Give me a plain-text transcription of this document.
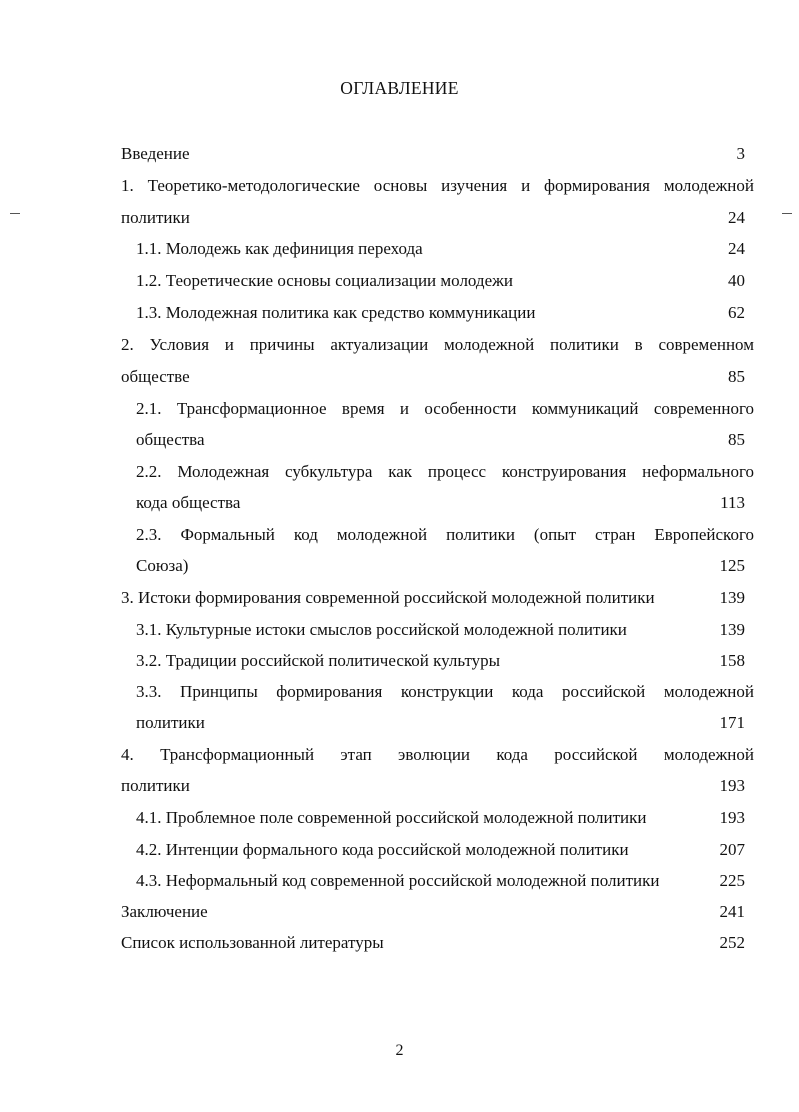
ОГЛАВЛЕНИЕ
Введение	3
1. Теоретико-методологические основы изучения и формирования молодежной
политики	24
1.1. Молодежь как дефиниция перехода	24
1.2. Теоретические основы социализации молодежи	40
1.3. Молодежная политика как средство коммуникации	62
2. Условия и причины актуализации молодежной политики в современном
обществе	85
2.1. Трансформационное время и особенности коммуникаций современного
общества	85
2.2. Молодежная субкультура как процесс конструирования неформального
кода общества	113
2.3. Формальный код молодежной политики (опыт стран Европейского
Союза)	125
3. Истоки формирования современной российской молодежной политики	139
3.1. Культурные истоки смыслов российской молодежной политики	139
3.2. Традиции российской политической культуры	158
3.3. Принципы формирования конструкции кода российской молодежной
политики	171
4. Трансформационный этап эволюции кода российской молодежной
политики	193
4.1. Проблемное поле современной российской молодежной политики	193
4.2. Интенции формального кода российской молодежной политики	207
4.3. Неформальный код современной российской молодежной политики	225
Заключение	241
Список использованной литературы	252
2
